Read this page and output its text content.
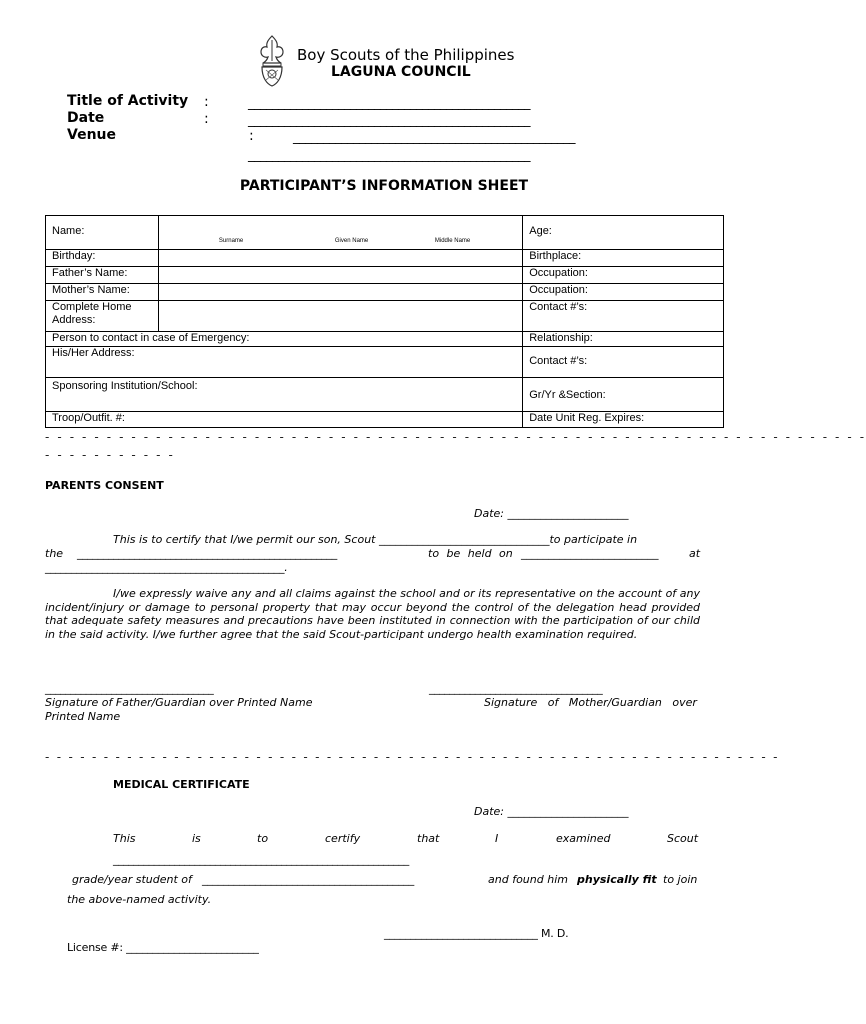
Boy Scouts of the Philippines
LAGUNA COUNCIL
Title of Activity :	_______________________________________________
Date	:	_______________________________________________
Venue	:	_______________________________________________
_______________________________________________
PARTICIPANT’S INFORMATION SHEET
Name:	Surname Given Name Middle Name	Age:

Birthday:		Birthplace:
Father’s Name:		Occupation:
Mother’s Name:		Occupation:
Complete Home Address:		Contact #’s:
Person to contact in case of Emergency:		Relationship:
His/Her Address:		Contact #’s:

Sponsoring Institution/School:		Gr/Yr &Section:

Troop/Outfit. #:		Date Unit Reg. Expires:
- - - - - - - - - - - - - - - - - - - - - - - - - - - - - - - - - - - - - - - - - - - - - - - - - - - - - - - - - - - - - - - - - - -
- - - - - - - - - - -
PARENTS CONSENT
Date: ______________________
This is to certify that I/we permit our son, Scout _______________________________to participate in
the __________________________________________________	to be held on _________________________	at
______________________________________________.
I/we expressly waive any and all claims against the school and or its representative on the account of any incident/injury or damage to personal property that may occur beyond the control of the delegation head provided that adequate safety measures and precautions have been instituted in connection with the participation of our child in the said activity. I/we further agree that the said Scout-participant undergo health examination required.
_________________________________
Signature of Father/Guardian over Printed Name
__________________________________
Signature   of   Mother/Guardian   over
Printed Name
- - - - - - - - - - - - - - - - - - - - - - - - - - - - - - - - - - - - - - - - - - - - - - - - - - - - - - - - - - - - - - -
MEDICAL CERTIFICATE
Date: ______________________
This	is	to	certify	that	I	examined	Scout
__________________________________________________________
grade/year student of ________________________________________	and found him physically fit to join
the above-named activity.
_____________________________ M. D.
License #: _________________________
